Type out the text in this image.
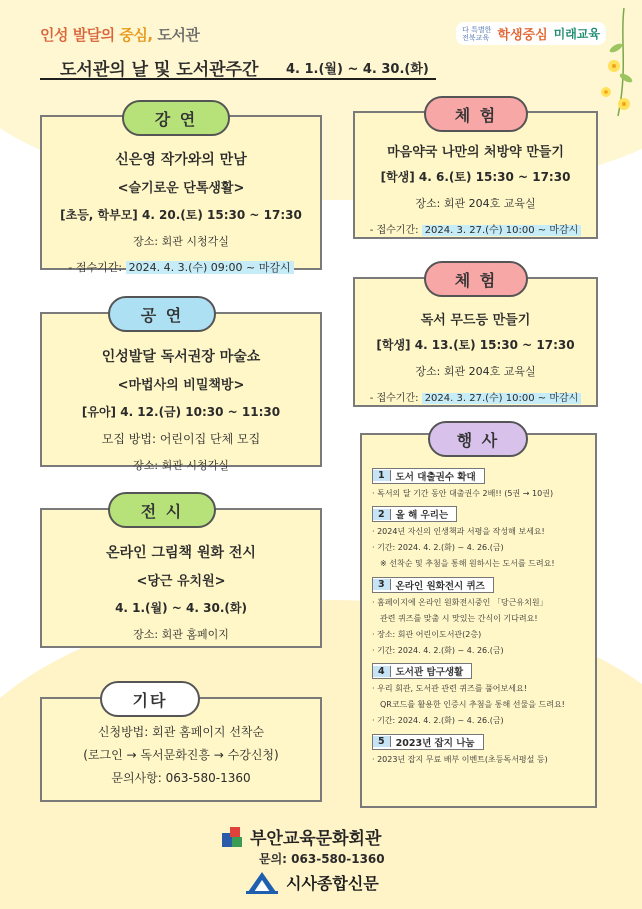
인성 발달의 중심, 도서관	다 특별한
전북교육 학생중심 미래교육
도서관의 날 및 도서관주간 4. 1.(월) ~ 4. 30.(화)
신은영 작가와의 만남
<슬기로운 단톡생활>
[초등, 학부모] 4. 20.(토) 15:30 ~ 17:30
장소: 회관 시청각실
- 접수기간: 2024. 4. 3.(수) 09:00 ~ 마감시
강 연
인성발달 독서권장 마술쇼
<마법사의 비밀책방>
[유아] 4. 12.(금) 10:30 ~ 11:30
모집 방법: 어린이집 단체 모집
장소: 회관 시청각실
공 연
온라인 그림책 원화 전시
<당근 유치원>
4. 1.(월) ~ 4. 30.(화)
장소: 회관 홈페이지
전 시
신청방법: 회관 홈페이지 선착순
(로그인 → 독서문화진흥 → 수강신청)
문의사항: 063-580-1360
기타
마음약국 나만의 처방약 만들기
[학생] 4. 6.(토) 15:30 ~ 17:30
장소: 회관 204호 교육실
- 접수기간: 2024. 3. 27.(수) 10:00 ~ 마감시
체 험
독서 무드등 만들기
[학생] 4. 13.(토) 15:30 ~ 17:30
장소: 회관 204호 교육실
- 접수기간: 2024. 3. 27.(수) 10:00 ~ 마감시
체 험
1	도서 대출권수 확대
· 독서의 달 기간 동안 대출권수 2배!! (5권 → 10권)
2	올 해 우리는
· 2024년 자신의 인생책과 서평을 작성해 보세요!
· 기간: 2024. 4. 2.(화) ~ 4. 26.(금)
※ 선착순 및 추첨을 통해 원하시는 도서를 드려요!
3	온라인 원화전시 퀴즈
· 홈페이지에 온라인 원화전시중인 「당근유치원」
관련 퀴즈를 맞출 시 맛있는 간식이 기다려요!
· 장소: 회관 어린이도서관(2층)
· 기간: 2024. 4. 2.(화) ~ 4. 26.(금)
4	도서관 탐구생활
· 우리 회관, 도서관 관련 퀴즈를 풀어보세요!
QR코드를 활용한 인증시 추첨을 통해 선물을 드려요!
· 기간: 2024. 4. 2.(화) ~ 4. 26.(금)
5	2023년 잡지 나눔
· 2023년 잡지 무료 배부 이벤트(초등독서평설 등)
행 사
부안교육문화회관
문의: 063-580-1360
시사종합신문
